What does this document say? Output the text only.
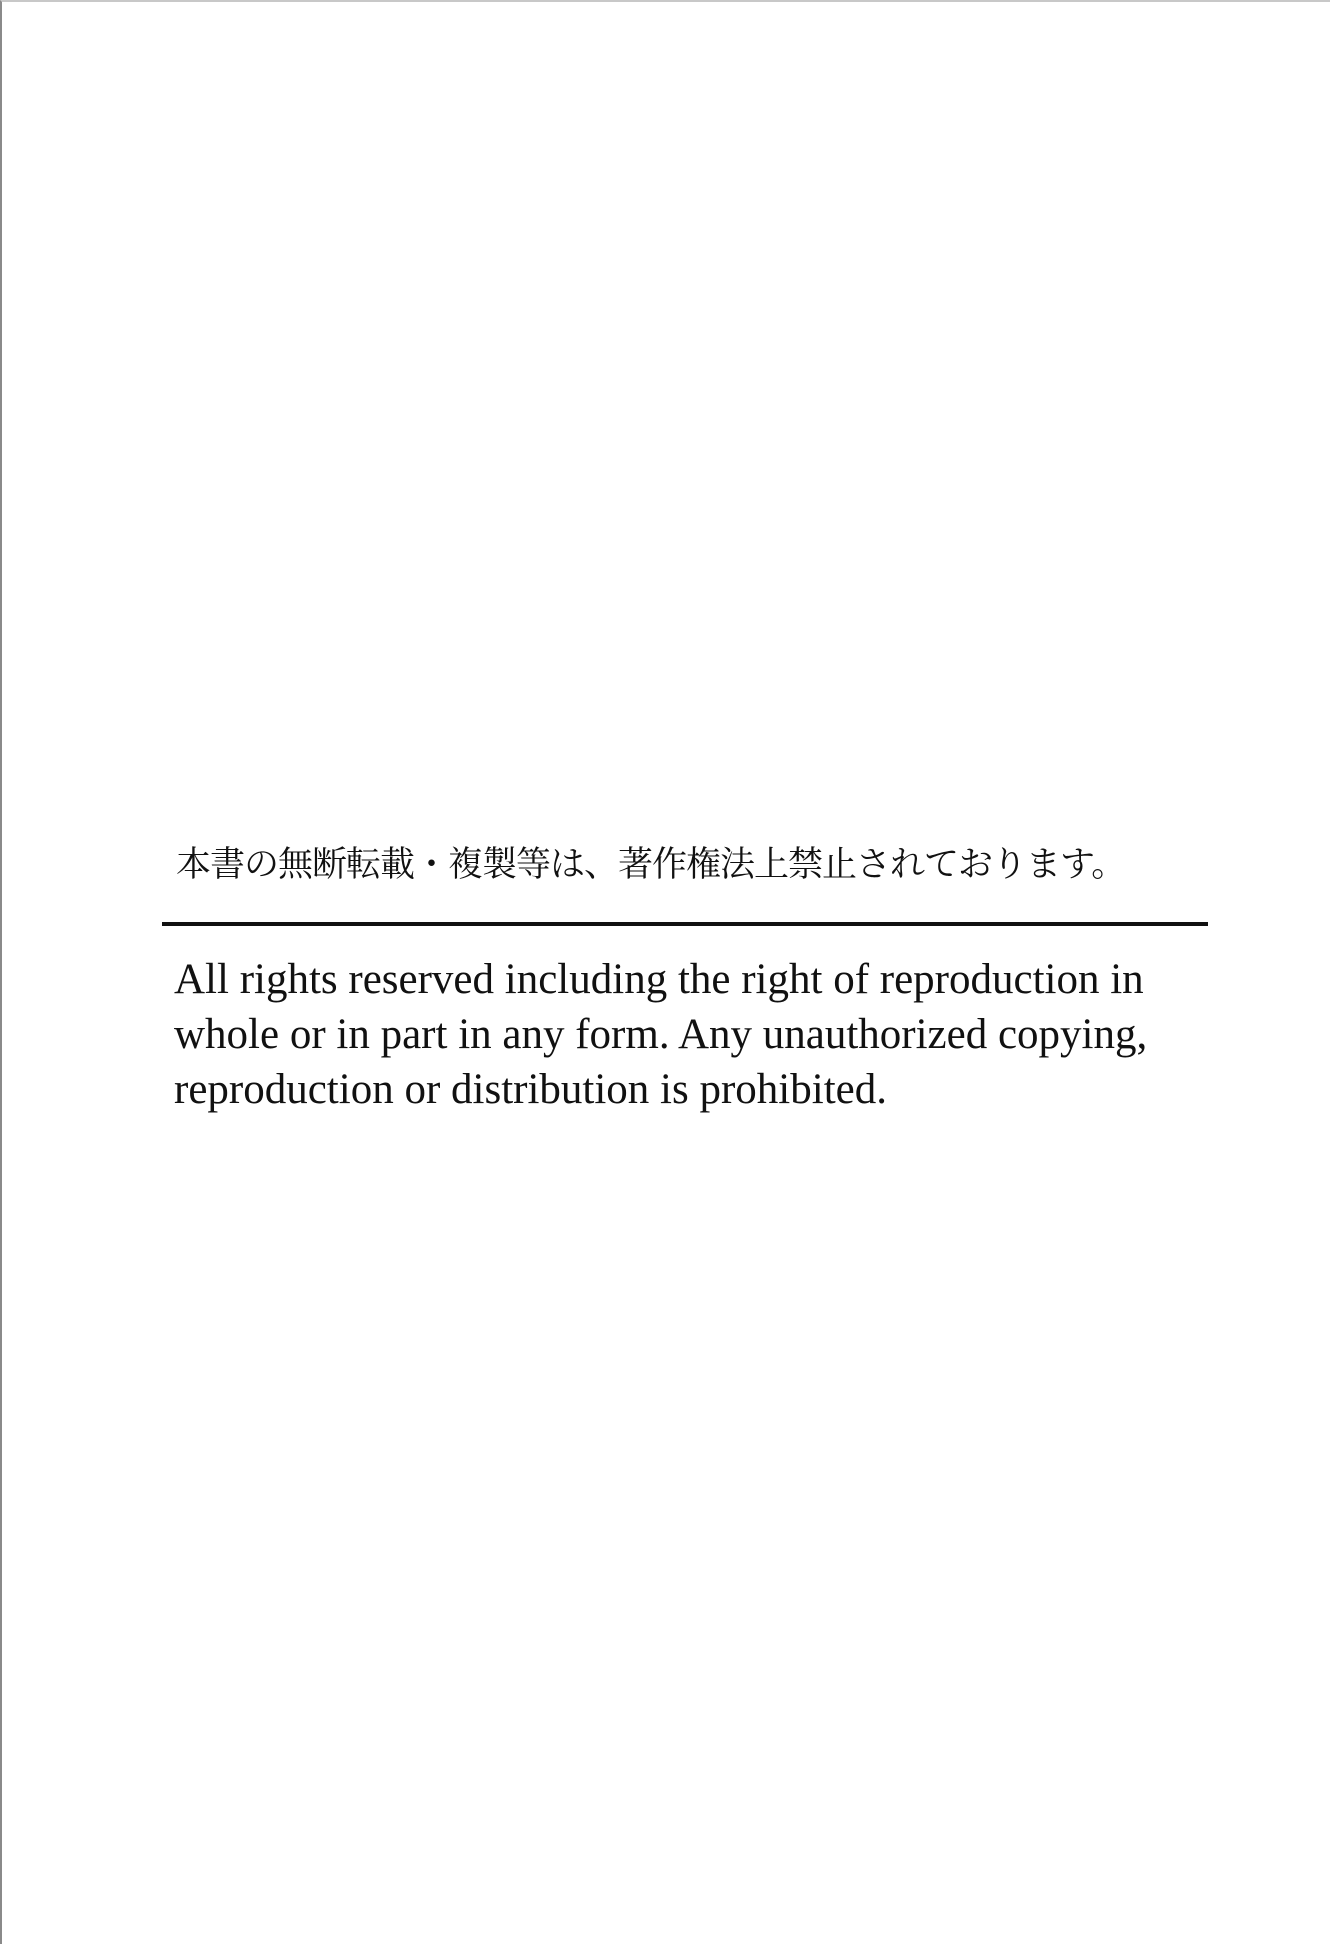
本書の無断転載・複製等は、著作権法上禁止されております。

All rights reserved including the right of reproduction in
whole or in part in any form. Any unauthorized copying,
reproduction or distribution is prohibited.
